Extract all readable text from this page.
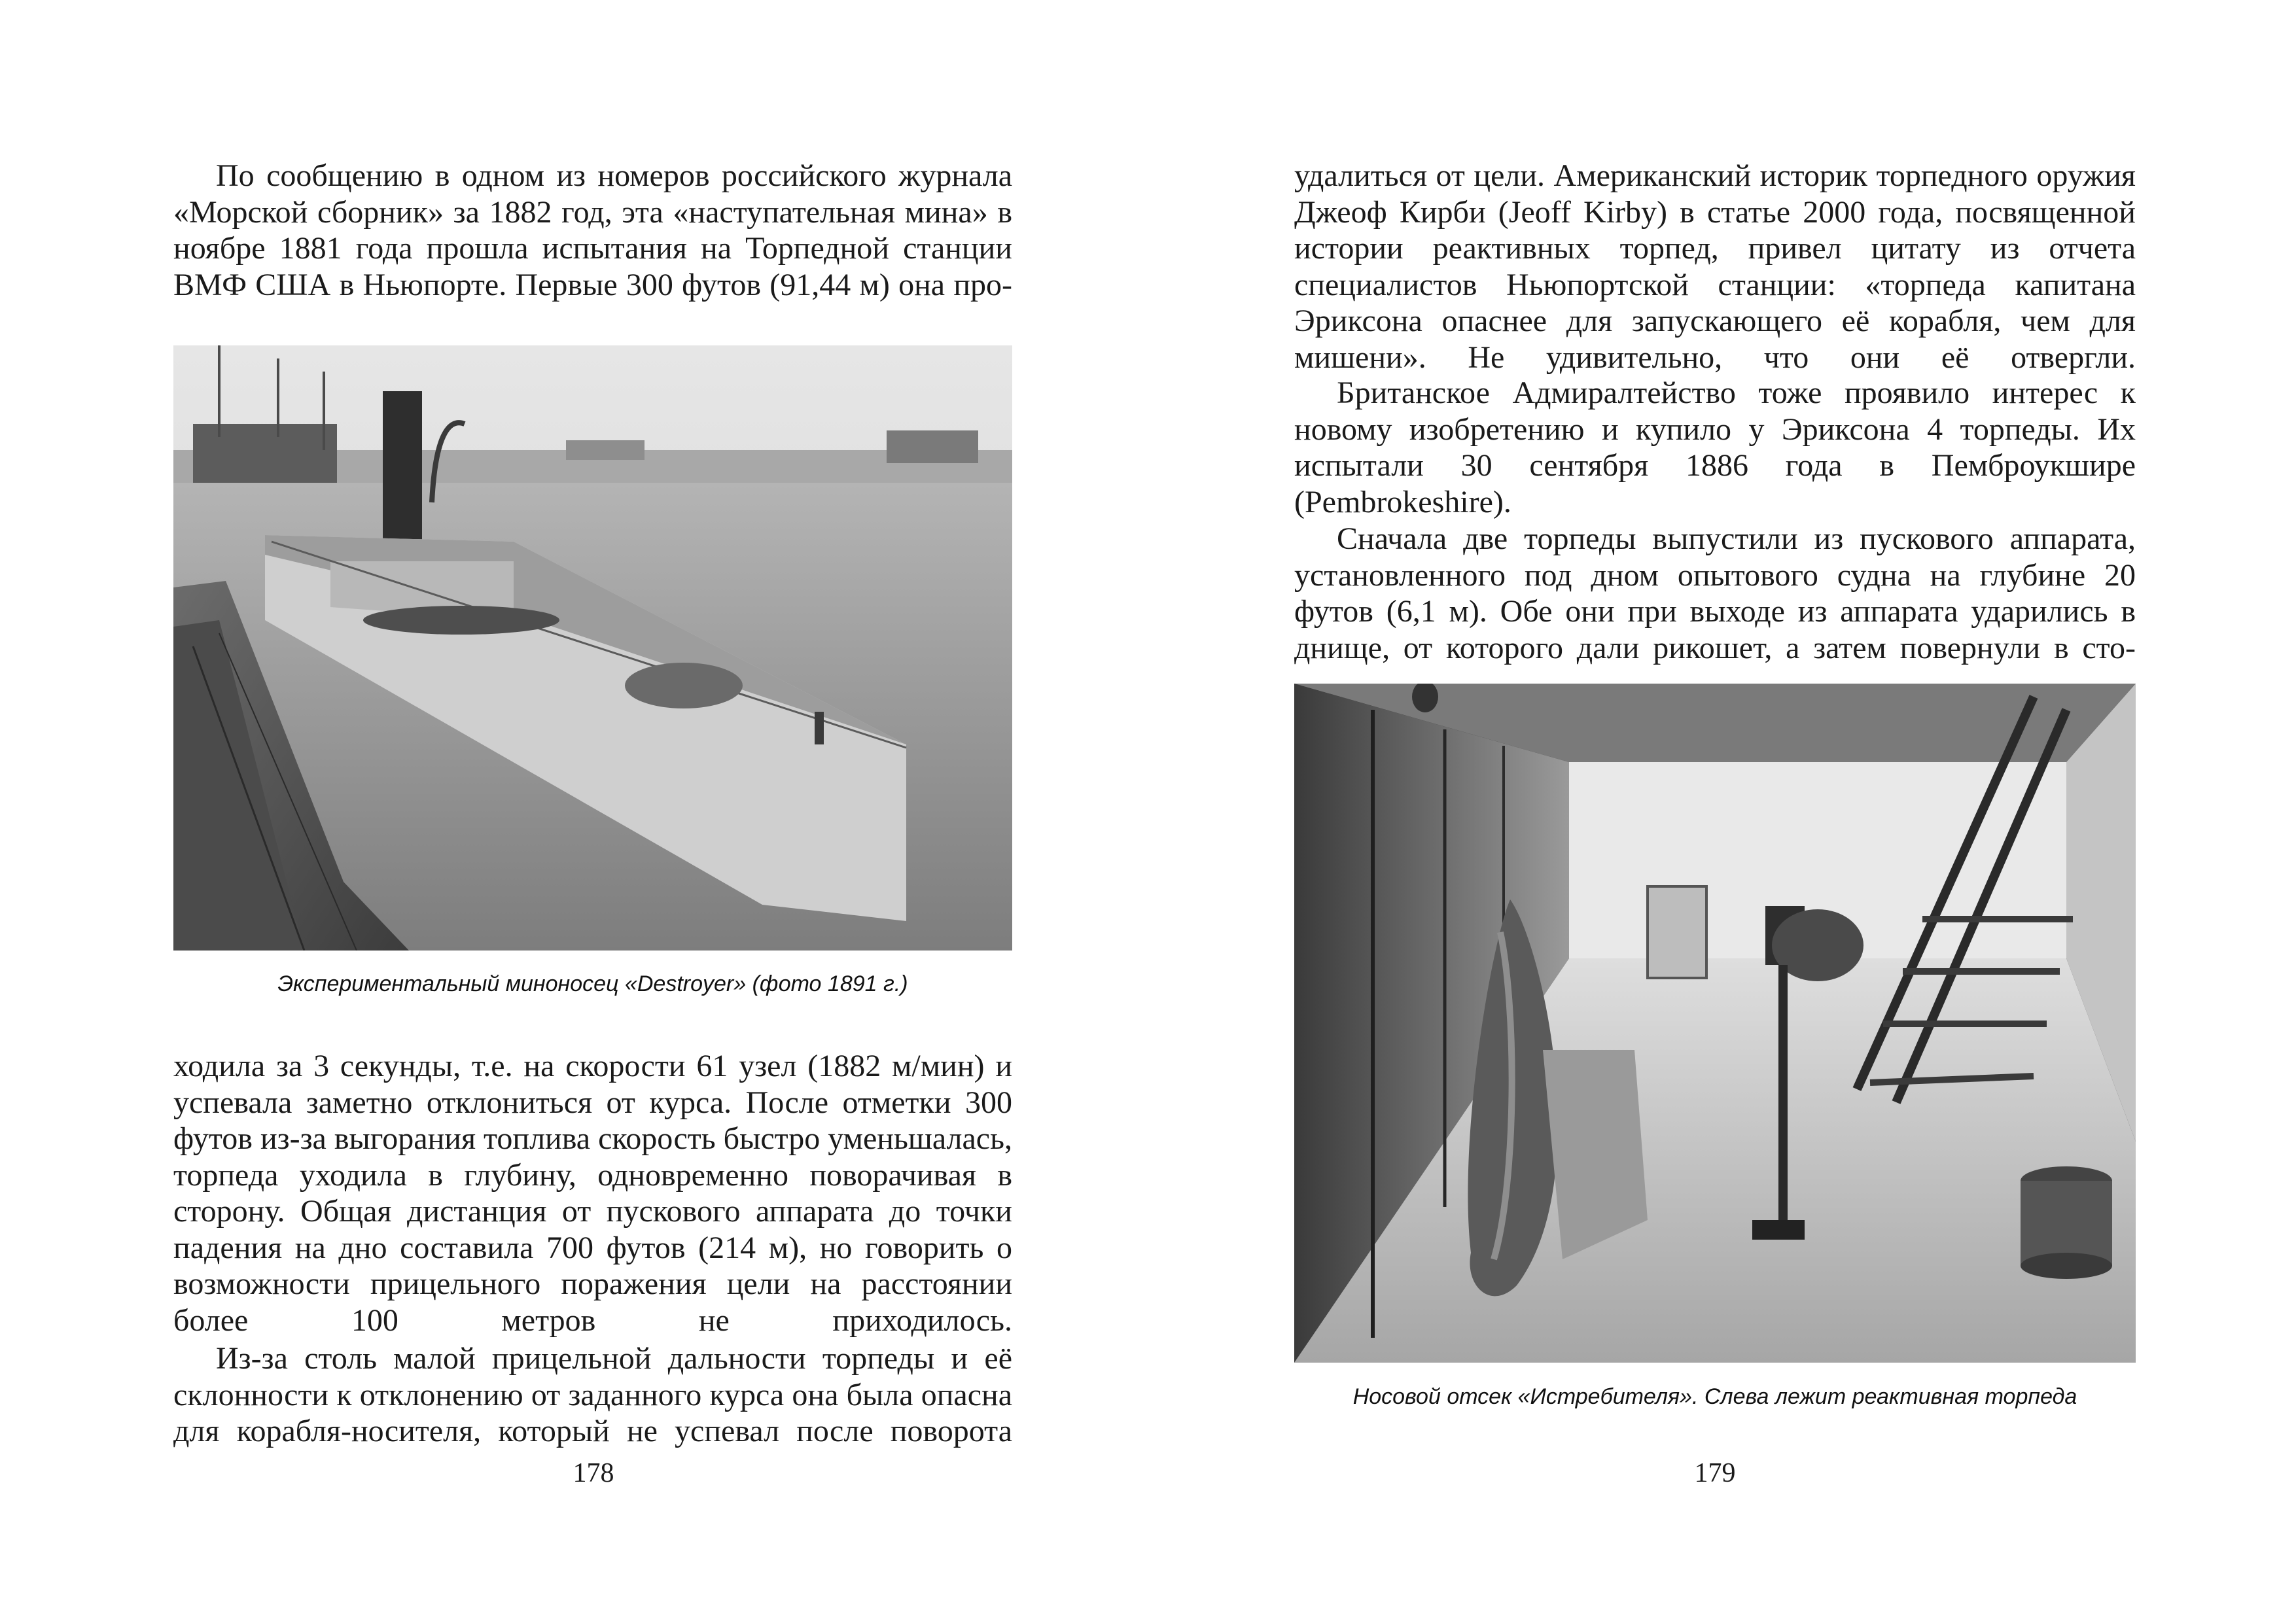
По сообщению в одном из номеров российского журнала «Морской сборник» за 1882 год, эта «наступательная мина» в ноябре 1881 года прошла испытания на Торпедной станции ВМФ США в Ньюпорте. Первые 300 футов (91,44 м) она про-

Экспериментальный миноносец «Destroyer» (фото 1891 г.)

ходила за 3 секунды, т.е. на скорости 61 узел (1882 м/мин) и успевала заметно отклониться от курса. После отметки 300 футов из-за выгорания топлива скорость быстро уменьшалась, торпеда уходила в глубину, одновременно поворачивая в сторону. Общая дистанция от пускового аппарата до точки падения на дно составила 700 футов (214 м), но говорить о возможности прицельного поражения цели на расстоянии более 100 метров не приходилось.

Из-за столь малой прицельной дальности торпеды и её склонности к отклонению от заданного курса она была опасна для корабля-носителя, который не успевал после поворота

178

удалиться от цели. Американский историк торпедного оружия Джеоф Кирби (Jeoff Kirby) в статье 2000 года, посвященной истории реактивных торпед, привел цитату из отчета специалистов Ньюпортской станции: «торпеда капитана Эриксона опаснее для запускающего её корабля, чем для мишени». Не удивительно, что они её отвергли.

Британское Адмиралтейство тоже проявило интерес к новому изобретению и купило у Эриксона 4 торпеды. Их испытали 30 сентября 1886 года в Пемброукшире (Pembrokeshire).

Сначала две торпеды выпустили из пускового аппарата, установленного под дном опытового судна на глубине 20 футов (6,1 м). Обе они при выходе из аппарата ударились в днище, от которого дали рикошет, а затем повернули в сто-

Носовой отсек «Истребителя». Слева лежит реактивная торпеда

179
